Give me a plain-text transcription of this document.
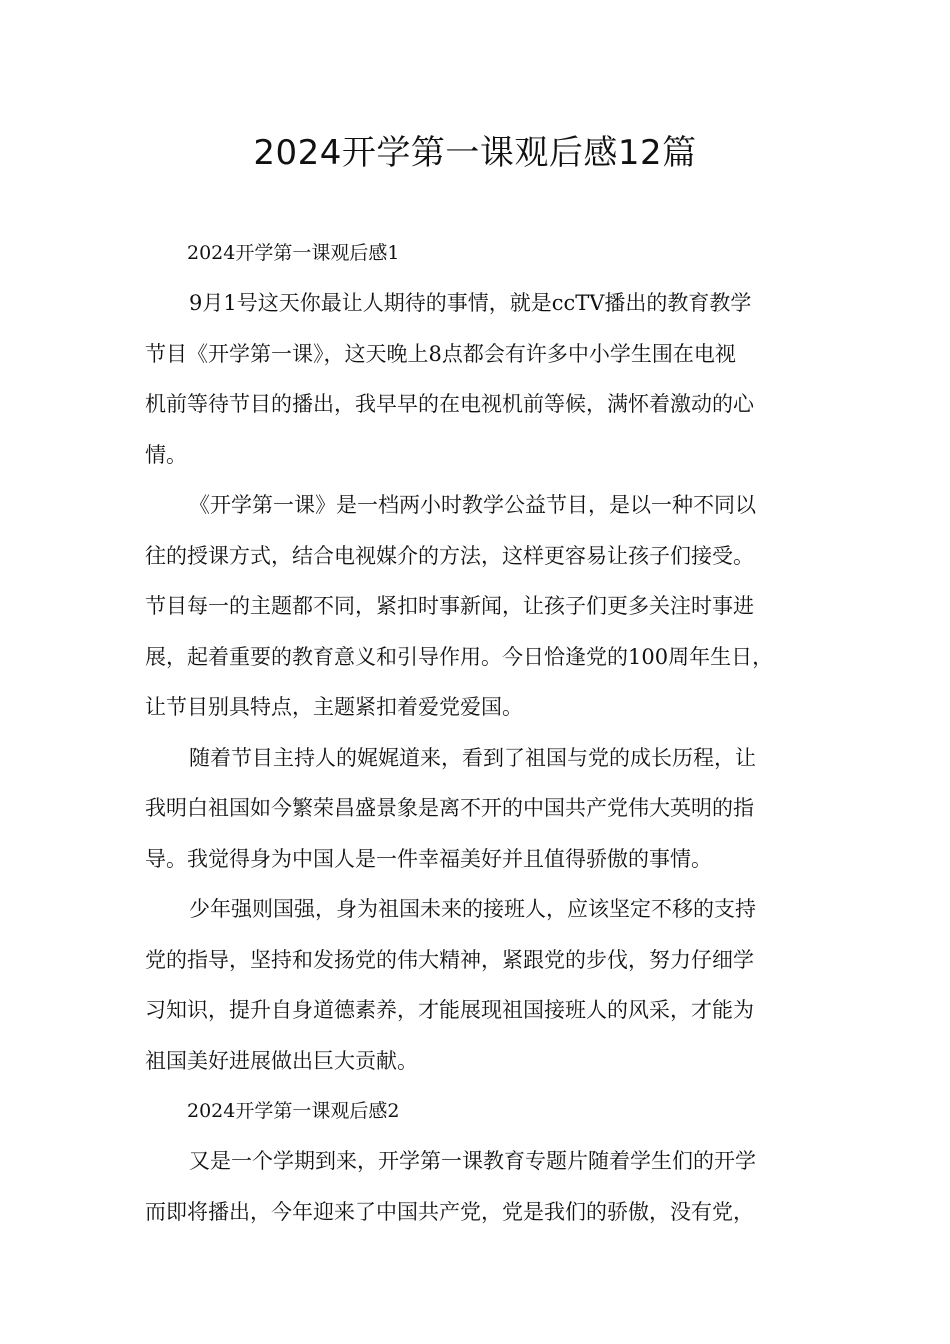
2024开学第一课观后感12篇
2024开学第一课观后感1

9月1号这天你最让人期待的事情，就是ccTV播出的教育教学
节目《开学第一课》，这天晚上8点都会有许多中小学生围在电视
机前等待节目的播出，我早早的在电视机前等候，满怀着激动的心
情。

《开学第一课》是一档两小时教学公益节目，是以一种不同以
往的授课方式，结合电视媒介的方法，这样更容易让孩子们接受。
节目每一的主题都不同，紧扣时事新闻，让孩子们更多关注时事进
展，起着重要的教育意义和引导作用。今日恰逢党的100周年生日，
让节目别具特点，主题紧扣着爱党爱国。

随着节目主持人的娓娓道来，看到了祖国与党的成长历程，让
我明白祖国如今繁荣昌盛景象是离不开的中国共产党伟大英明的指
导。我觉得身为中国人是一件幸福美好并且值得骄傲的事情。

少年强则国强，身为祖国未来的接班人，应该坚定不移的支持
党的指导，坚持和发扬党的伟大精神，紧跟党的步伐，努力仔细学
习知识，提升自身道德素养，才能展现祖国接班人的风采，才能为
祖国美好进展做出巨大贡献。

2024开学第一课观后感2

又是一个学期到来，开学第一课教育专题片随着学生们的开学
而即将播出，今年迎来了中国共产党，党是我们的骄傲，没有党，
